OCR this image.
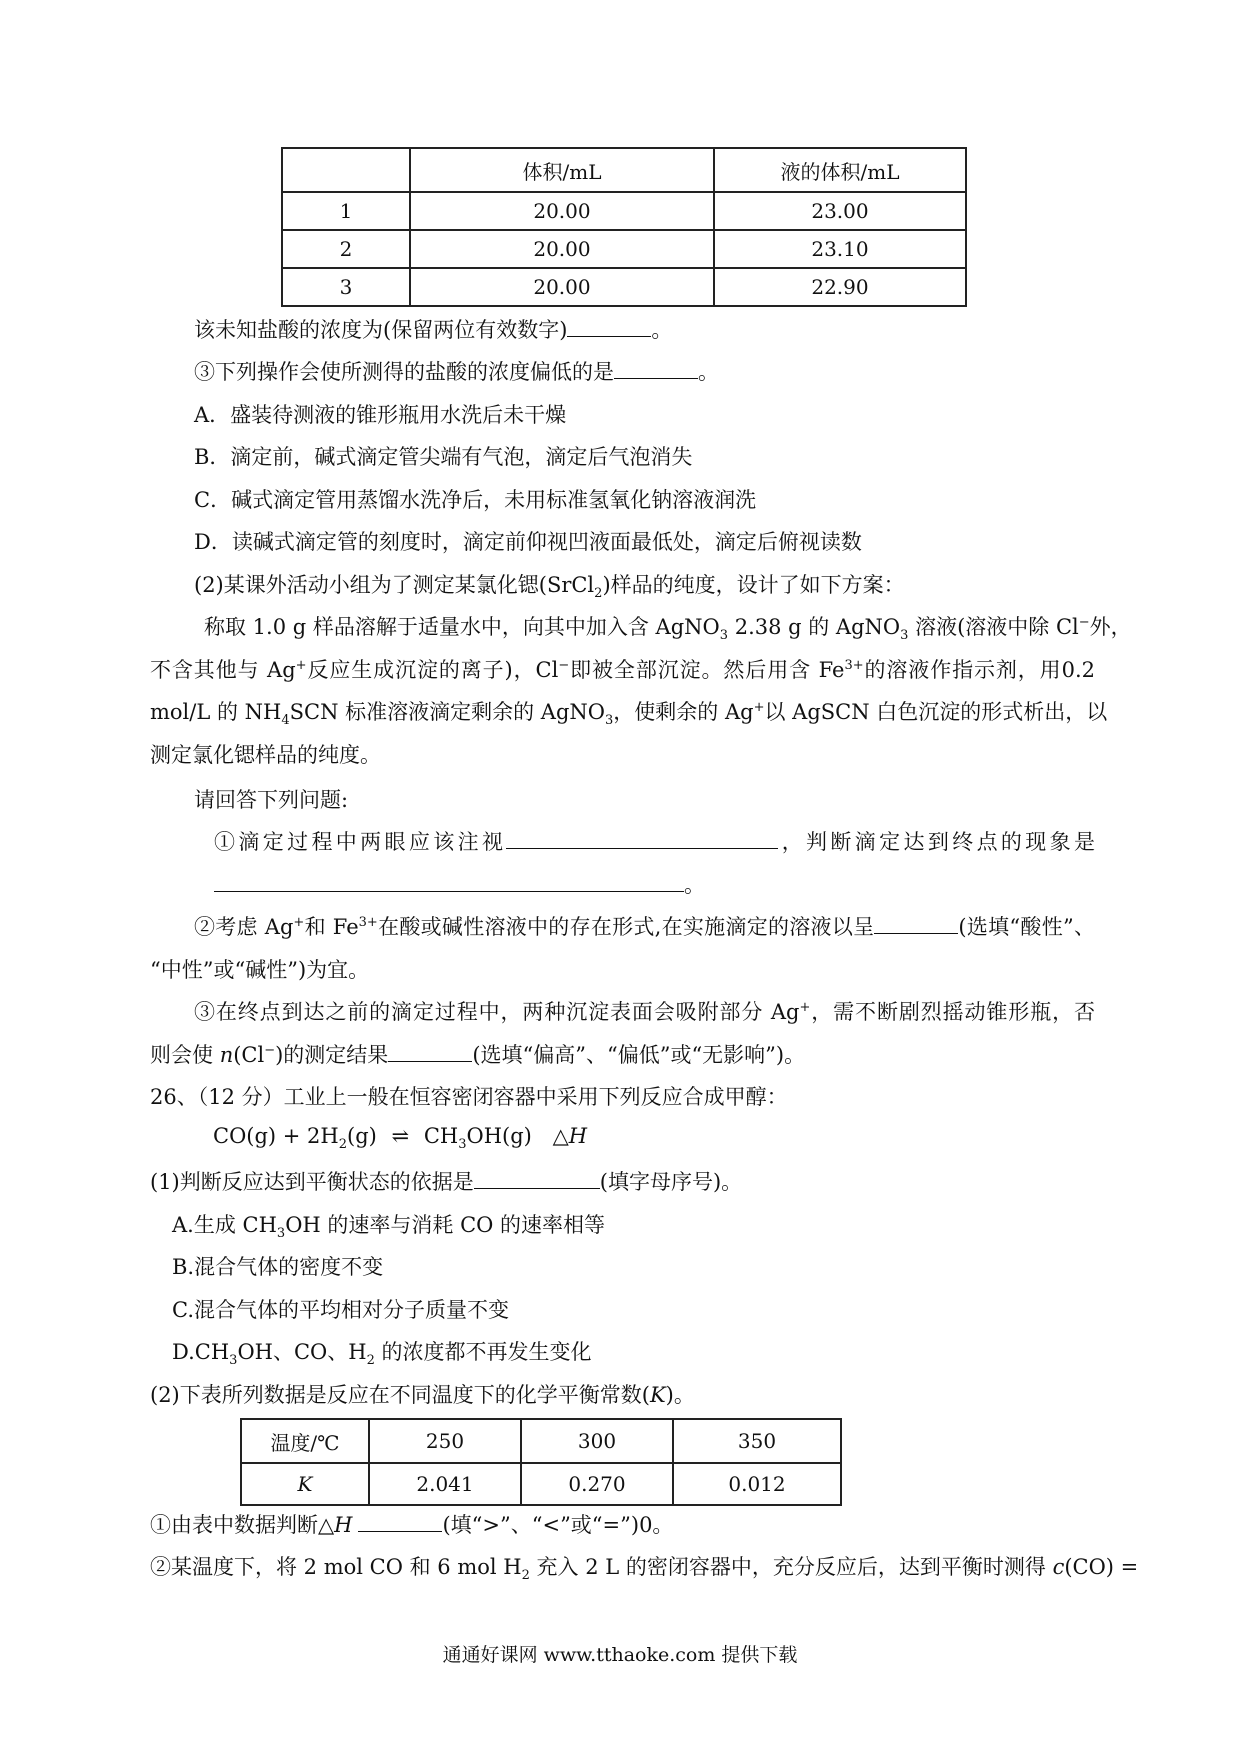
	体积/mL	液的体积/mL
1	20.00	23.00
2	20.00	23.10
3	20.00	22.90
该未知盐酸的浓度为(保留两位有效数字)	。
③下列操作会使所测得的盐酸的浓度偏低的是	。
A．盛装待测液的锥形瓶用水洗后未干燥
B．滴定前，碱式滴定管尖端有气泡，滴定后气泡消失
C．碱式滴定管用蒸馏水洗净后，未用标准氢氧化钠溶液润洗
D．读碱式滴定管的刻度时，滴定前仰视凹液面最低处，滴定后俯视读数
(2)某课外活动小组为了测定某氯化锶(SrCl$_2$)样品的纯度，设计了如下方案：
称取 1.0 g 样品溶解于适量水中，向其中加入含 AgNO$_3$ 2.38 g 的 AgNO$_3$ 溶液(溶液中除 Cl−外，
不含其他与 Ag+反应生成沉淀的离子)，Cl−即被全部沉淀。然后用含 $Fe^{3+}$的溶液作指示剂，用0.2
mol/L 的 $NH_4SCN$ 标准溶液滴定剩余的 AgNO$_3$，使剩余的 Ag+以 AgSCN 白色沉淀的形式析出，以
测定氯化锶样品的纯度。
请回答下列问题:
①滴定过程中两眼应该注视	，判断滴定达到终点的现象是
。
②考虑 Ag+和 $Fe^{3+}$在酸或碱性溶液中的存在形式,在实施滴定的溶液以呈	(选填“酸性”、
“中性”或“碱性”)为宜。
③在终点到达之前的滴定过程中，两种沉淀表面会吸附部分 Ag+，需不断剧烈摇动锥形瓶，否
则会使 n(Cl−)的测定结果	(选填“偏高”、“偏低”或“无影响”)。
26、（12 分）工业上一般在恒容密闭容器中采用下列反应合成甲醇：
$CO(g) + 2H_2(g)$ ⇌ $CH_3OH(g)$ △H
(1)判断反应达到平衡状态的依据是	(填字母序号)。
A.生成 $CH_3OH$ 的速率与消耗 CO 的速率相等
B.混合气体的密度不变
C.混合气体的平均相对分子质量不变
$D.CH_3OH$、CO、$H_2$ 的浓度都不再发生变化
(2)下表所列数据是反应在不同温度下的化学平衡常数(K)。
温度/℃	250	300	350
K	2.041	0.270	0.012
①由表中数据判断△H	(填“>”、“<”或“=”)0。
②某温度下，将 2 mol CO 和 6 mol $H_2$ 充入 2 L 的密闭容器中，充分反应后，达到平衡时测得 c(CO) =
通通好课网 www.tthaoke.com 提供下载
